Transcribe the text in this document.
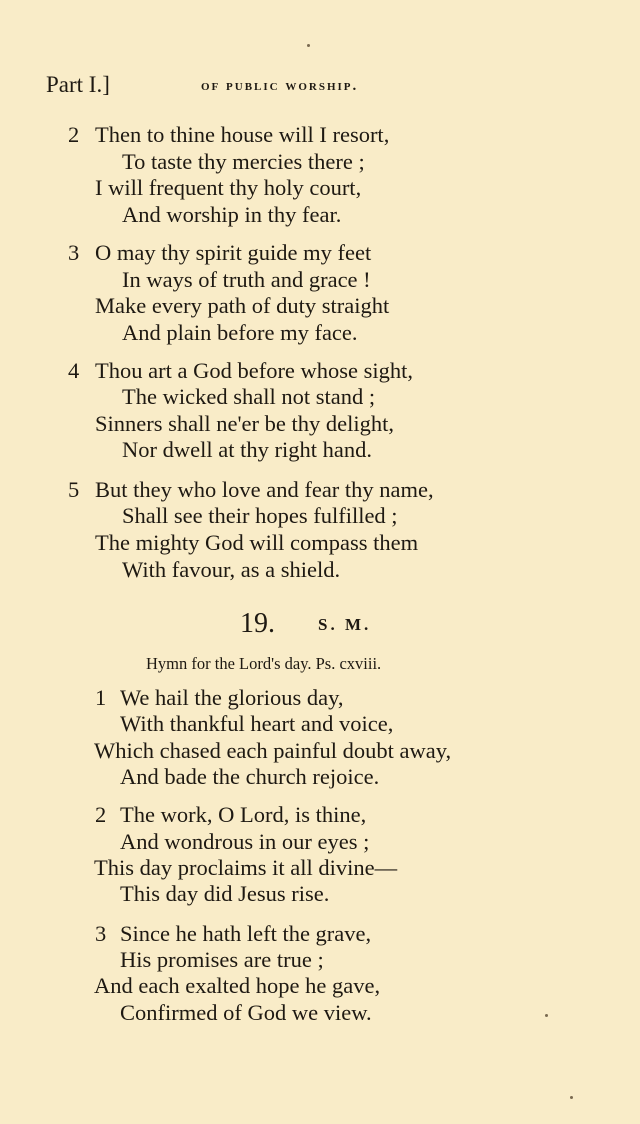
Part I.]	of public worship.
2 Then to thine house will I resort,
To taste thy mercies there ;
I will frequent thy holy court,
And worship in thy fear.
3 O may thy spirit guide my feet
In ways of truth and grace !
Make every path of duty straight
And plain before my face.
4 Thou art a God before whose sight,
The wicked shall not stand ;
Sinners shall ne'er be thy delight,
Nor dwell at thy right hand.
5 But they who love and fear thy name,
Shall see their hopes fulfilled ;
The mighty God will compass them
With favour, as a shield.
19.	S. M.
Hymn for the Lord's day. Ps. cxviii.
1 We hail the glorious day,
With thankful heart and voice,
Which chased each painful doubt away,
And bade the church rejoice.
2 The work, O Lord, is thine,
And wondrous in our eyes ;
This day proclaims it all divine—
This day did Jesus rise.
3 Since he hath left the grave,
His promises are true ;
And each exalted hope he gave,
Confirmed of God we view.
